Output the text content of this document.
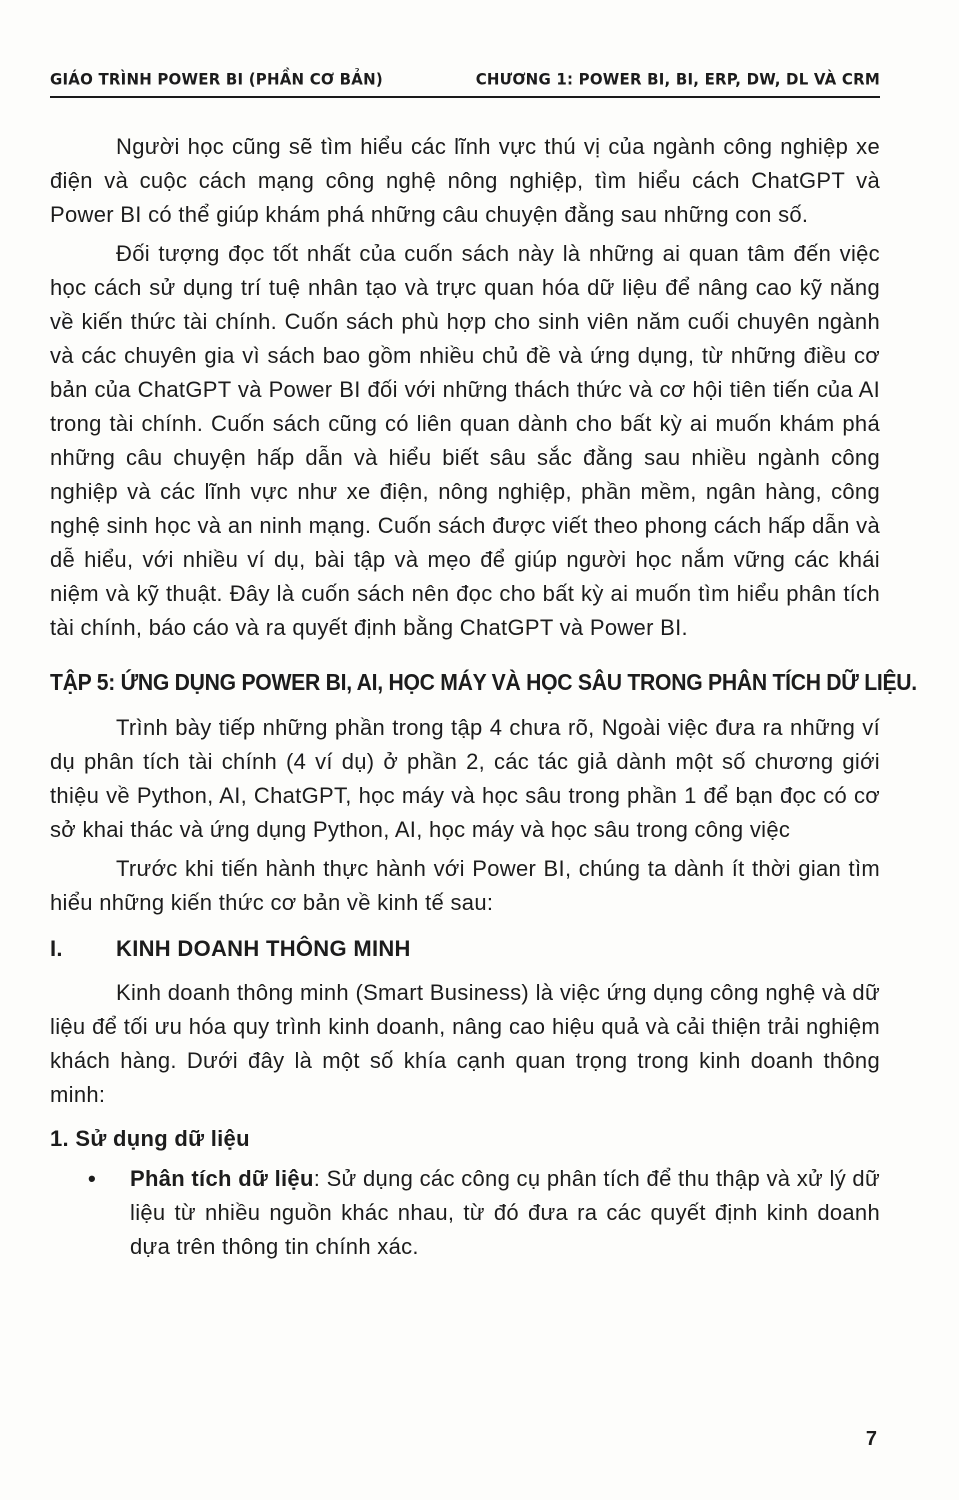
GIÁO TRÌNH POWER BI (PHẦN CƠ BẢN)	CHƯƠNG 1: POWER BI, BI, ERP, DW, DL VÀ CRM

Người học cũng sẽ tìm hiểu các lĩnh vực thú vị của ngành công nghiệp xe điện và cuộc cách mạng công nghệ nông nghiệp, tìm hiểu cách ChatGPT và Power BI có thể giúp khám phá những câu chuyện đằng sau những con số.

Đối tượng đọc tốt nhất của cuốn sách này là những ai quan tâm đến việc học cách sử dụng trí tuệ nhân tạo và trực quan hóa dữ liệu để nâng cao kỹ năng về kiến thức tài chính. Cuốn sách phù hợp cho sinh viên năm cuối chuyên ngành và các chuyên gia vì sách bao gồm nhiều chủ đề và ứng dụng, từ những điều cơ bản của ChatGPT và Power BI đối với những thách thức và cơ hội tiên tiến của AI trong tài chính. Cuốn sách cũng có liên quan dành cho bất kỳ ai muốn khám phá những câu chuyện hấp dẫn và hiểu biết sâu sắc đằng sau nhiều ngành công nghiệp và các lĩnh vực như xe điện, nông nghiệp, phần mềm, ngân hàng, công nghệ sinh học và an ninh mạng. Cuốn sách được viết theo phong cách hấp dẫn và dễ hiểu, với nhiều ví dụ, bài tập và mẹo để giúp người học nắm vững các khái niệm và kỹ thuật. Đây là cuốn sách nên đọc cho bất kỳ ai muốn tìm hiểu phân tích tài chính, báo cáo và ra quyết định bằng ChatGPT và Power BI.

TẬP 5: ỨNG DỤNG POWER BI, AI, HỌC MÁY VÀ HỌC SÂU TRONG PHÂN TÍCH DỮ LIỆU.

Trình bày tiếp những phần trong tập 4 chưa rõ, Ngoài việc đưa ra những ví dụ phân tích tài chính (4 ví dụ) ở phần 2, các tác giả dành một số chương giới thiệu về Python, AI, ChatGPT, học máy và học sâu trong phần 1 để bạn đọc có cơ sở khai thác và ứng dụng Python, AI, học máy và học sâu trong công việc

Trước khi tiến hành thực hành với Power BI, chúng ta dành ít thời gian tìm hiểu những kiến thức cơ bản về kinh tế sau:

I.	KINH DOANH THÔNG MINH

Kinh doanh thông minh (Smart Business) là việc ứng dụng công nghệ và dữ liệu để tối ưu hóa quy trình kinh doanh, nâng cao hiệu quả và cải thiện trải nghiệm khách hàng. Dưới đây là một số khía cạnh quan trọng trong kinh doanh thông minh:

1. Sử dụng dữ liệu
•	Phân tích dữ liệu: Sử dụng các công cụ phân tích để thu thập và xử lý dữ liệu từ nhiều nguồn khác nhau, từ đó đưa ra các quyết định kinh doanh dựa trên thông tin chính xác.
7
